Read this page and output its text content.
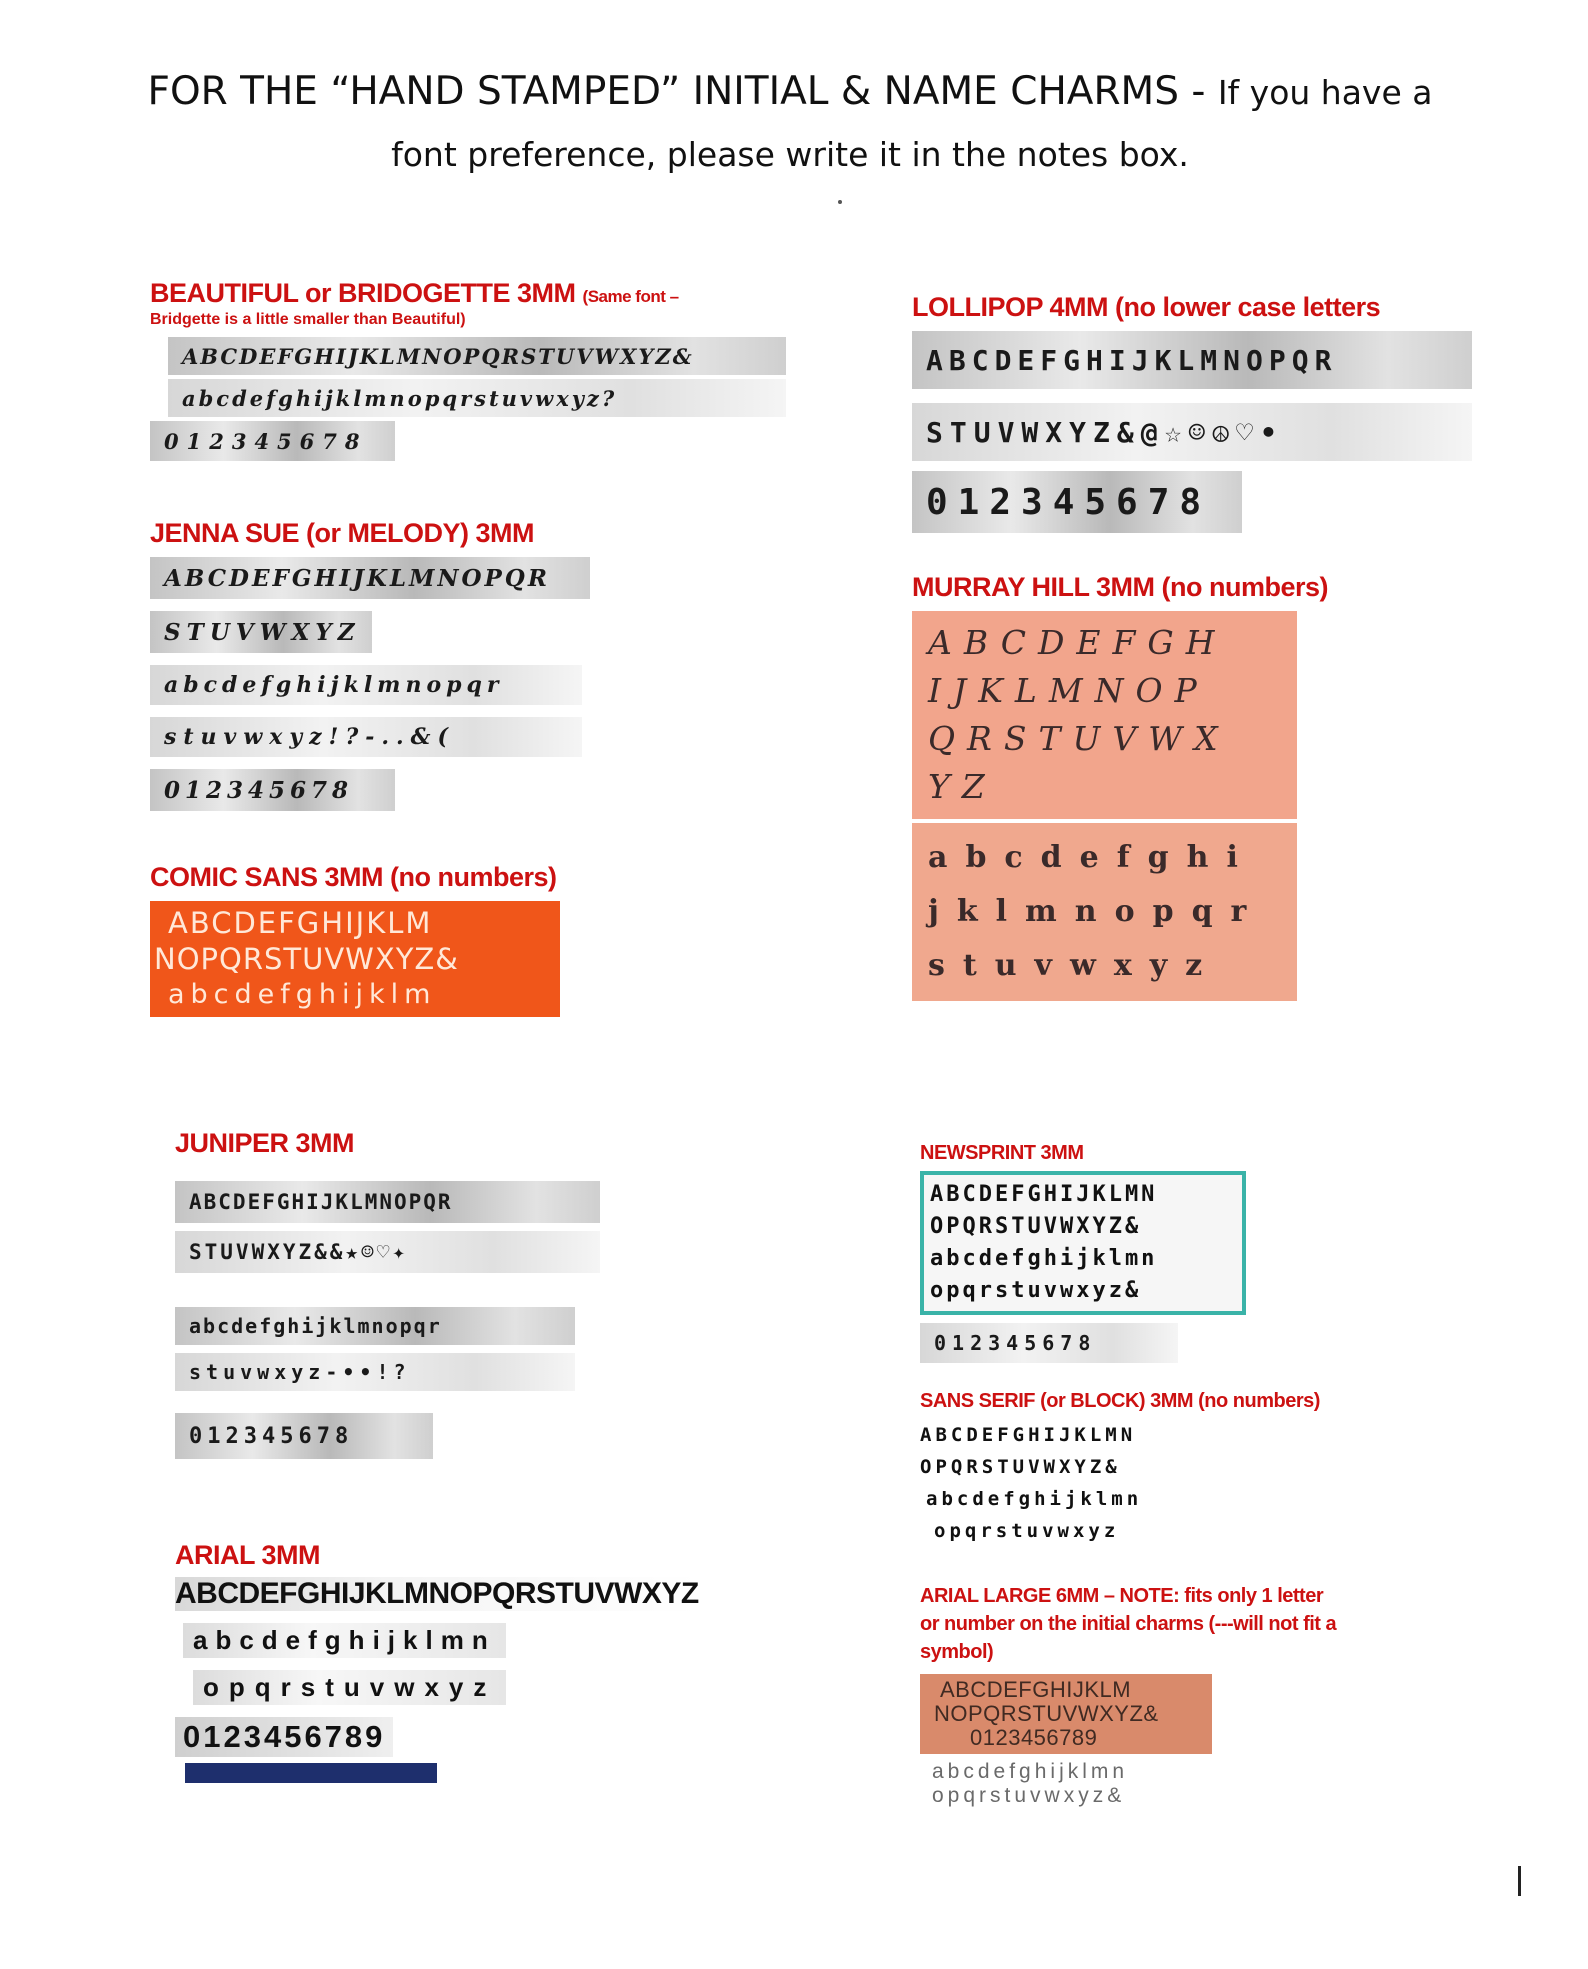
FOR THE “HAND STAMPED” INITIAL & NAME CHARMS - If you have a
font preference, please write it in the notes box.
BEAUTIFUL or BRIDOGETTE 3MM (Same font –
Bridgette is a little smaller than Beautiful)
ABCDEFGHIJKLMNOPQRSTUVWXYZ&
abcdefghijklmnopqrstuvwxyz?
012345678
JENNA SUE (or MELODY) 3MM
ABCDEFGHIJKLMNOPQR
STUVWXYZ
abcdefghijklmnopqr
stuvwxyz!?-..&(
012345678
COMIC SANS 3MM (no numbers)
ABCDEFGHIJKLM
NOPQRSTUVWXYZ&
abcdefghijklm
LOLLIPOP 4MM (no lower case letters
ABCDEFGHIJKLMNOPQR
STUVWXYZ&@☆☺☮♡•
012345678
MURRAY HILL 3MM (no numbers)
ABCDEFGH
IJKLMNOP
QRSTUVWX
YZ
abcdefghi
jklmnopqr
stuvwxyz
JUNIPER 3MM
ABCDEFGHIJKLMNOPQR
STUVWXYZ&&★☺♡✦
abcdefghijklmnopqr
stuvwxyz-••!?
012345678
ARIAL 3MM
ABCDEFGHIJKLMNOPQRSTUVWXYZ
abcdefghijklmn
opqrstuvwxyz
0123456789
NEWSPRINT 3MM
ABCDEFGHIJKLMN
OPQRSTUVWXYZ&
abcdefghijklmn
opqrstuvwxyz&
012345678
SANS SERIF (or BLOCK) 3MM (no numbers)
ABCDEFGHIJKLMN
OPQRSTUVWXYZ&
abcdefghijklmn
opqrstuvwxyz
ARIAL LARGE 6MM – NOTE: fits only 1 letter
or number on the initial charms (---will not fit a
symbol)
ABCDEFGHIJKLM
NOPQRSTUVWXYZ&
0123456789
abcdefghijklmn
opqrstuvwxyz&
